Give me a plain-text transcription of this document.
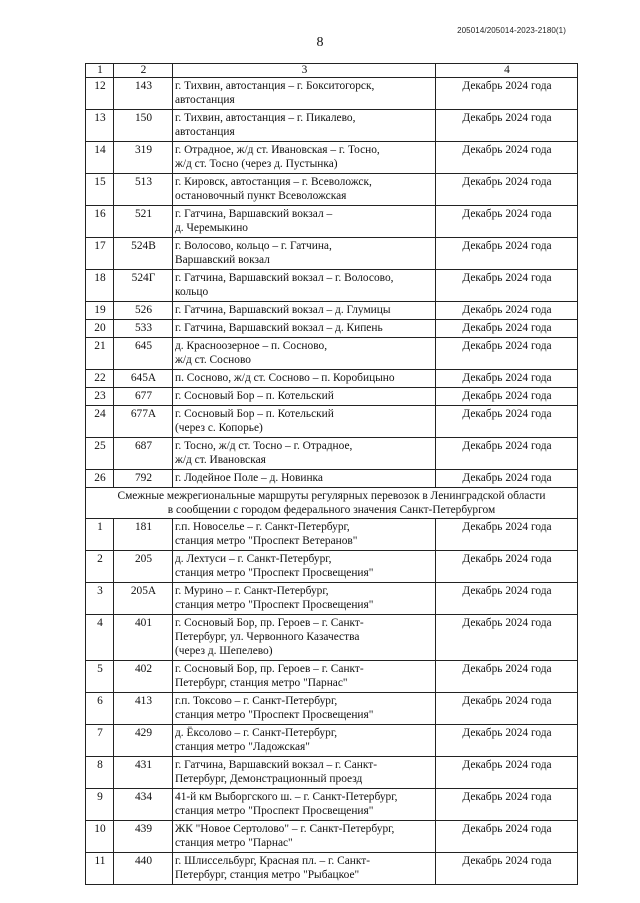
205014/205014-2023-2180(1)
8
1	2	3	4
12	143	г. Тихвин, автостанция – г. Бокситогорск,
автостанция	Декабрь 2024 года
13	150	г. Тихвин, автостанция – г. Пикалево,
автостанция	Декабрь 2024 года
14	319	г. Отрадное, ж/д ст. Ивановская – г. Тосно,
ж/д ст. Тосно (через д. Пустынка)	Декабрь 2024 года
15	513	г. Кировск, автостанция – г. Всеволожск,
остановочный пункт Всеволожская	Декабрь 2024 года
16	521	г. Гатчина, Варшавский вокзал –
д. Черемыкино	Декабрь 2024 года
17	524В	г. Волосово, кольцо – г. Гатчина,
Варшавский вокзал	Декабрь 2024 года
18	524Г	г. Гатчина, Варшавский вокзал – г. Волосово,
кольцо	Декабрь 2024 года
19	526	г. Гатчина, Варшавский вокзал – д. Глумицы	Декабрь 2024 года
20	533	г. Гатчина, Варшавский вокзал – д. Кипень	Декабрь 2024 года
21	645	д. Красноозерное – п. Сосново,
ж/д ст. Сосново	Декабрь 2024 года
22	645А	п. Сосново, ж/д ст. Сосново – п. Коробицыно	Декабрь 2024 года
23	677	г. Сосновый Бор – п. Котельский	Декабрь 2024 года
24	677А	г. Сосновый Бор – п. Котельский
(через с. Копорье)	Декабрь 2024 года
25	687	г. Тосно, ж/д ст. Тосно – г. Отрадное,
ж/д ст. Ивановская	Декабрь 2024 года
26	792	г. Лодейное Поле – д. Новинка	Декабрь 2024 года

Смежные межрегиональные маршруты регулярных перевозок в Ленинградской области
в сообщении с городом федерального значения Санкт-Петербургом			

1	181	г.п. Новоселье – г. Санкт-Петербург,
станция метро "Проспект Ветеранов"	Декабрь 2024 года
2	205	д. Лехтуси – г. Санкт-Петербург,
станция метро "Проспект Просвещения"	Декабрь 2024 года
3	205А	г. Мурино – г. Санкт-Петербург,
станция метро "Проспект Просвещения"	Декабрь 2024 года
4	401	г. Сосновый Бор, пр. Героев – г. Санкт-
Петербург, ул. Червонного Казачества
(через д. Шепелево)	Декабрь 2024 года
5	402	г. Сосновый Бор, пр. Героев – г. Санкт-
Петербург, станция метро "Парнас"	Декабрь 2024 года
6	413	г.п. Токсово – г. Санкт-Петербург,
станция метро "Проспект Просвещения"	Декабрь 2024 года
7	429	д. Ёксолово – г. Санкт-Петербург,
станция метро "Ладожская"	Декабрь 2024 года
8	431	г. Гатчина, Варшавский вокзал – г. Санкт-
Петербург, Демонстрационный проезд	Декабрь 2024 года
9	434	41-й км Выборгского ш. – г. Санкт-Петербург,
станция метро "Проспект Просвещения"	Декабрь 2024 года
10	439	ЖК "Новое Сертолово" – г. Санкт-Петербург,
станция метро "Парнас"	Декабрь 2024 года
11	440	г. Шлиссельбург, Красная пл. – г. Санкт-
Петербург, станция метро "Рыбацкое"	Декабрь 2024 года
